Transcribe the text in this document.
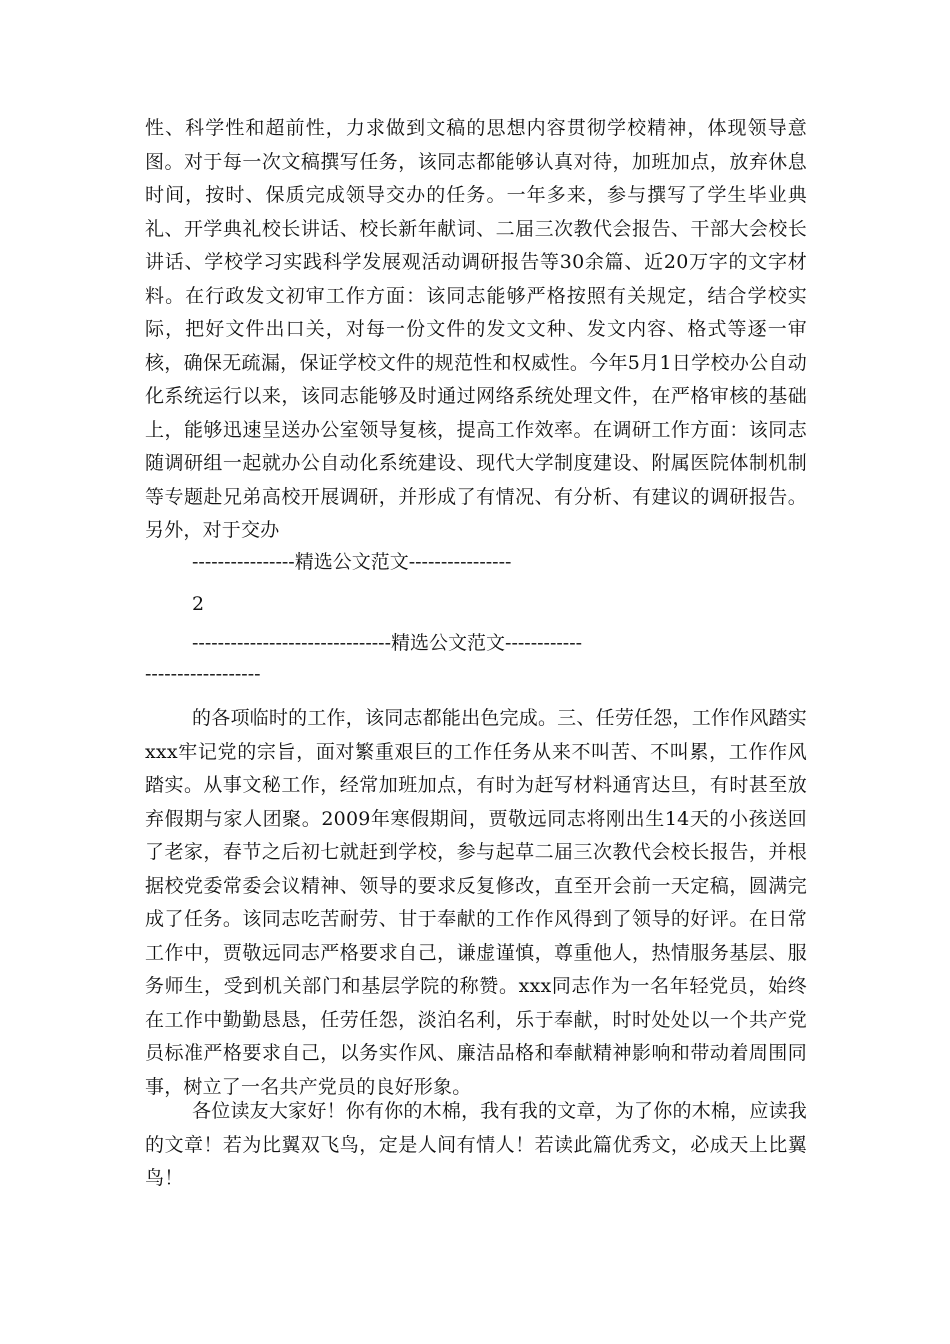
性、科学性和超前性，力求做到文稿的思想内容贯彻学校精神，体现领导意图。对于每一次文稿撰写任务，该同志都能够认真对待，加班加点，放弃休息时间，按时、保质完成领导交办的任务。一年多来，参与撰写了学生毕业典礼、开学典礼校长讲话、校长新年献词、二届三次教代会报告、干部大会校长讲话、学校学习实践科学发展观活动调研报告等30余篇、近20万字的文字材料。在行政发文初审工作方面：该同志能够严格按照有关规定，结合学校实际，把好文件出口关，对每一份文件的发文文种、发文内容、格式等逐一审核，确保无疏漏，保证学校文件的规范性和权威性。今年5月1日学校办公自动化系统运行以来，该同志能够及时通过网络系统处理文件，在严格审核的基础上，能够迅速呈送办公室领导复核，提高工作效率。在调研工作方面：该同志随调研组一起就办公自动化系统建设、现代大学制度建设、附属医院体制机制等专题赴兄弟高校开展调研，并形成了有情况、有分析、有建议的调研报告。另外，对于交办
----------------精选公文范文----------------
2
-------------------------------精选公文范文------------------------------
的各项临时的工作，该同志都能出色完成。三、任劳任怨，工作作风踏实xxx牢记党的宗旨，面对繁重艰巨的工作任务从来不叫苦、不叫累，工作作风踏实。从事文秘工作，经常加班加点，有时为赶写材料通宵达旦，有时甚至放弃假期与家人团聚。2009年寒假期间，贾敬远同志将刚出生14天的小孩送回了老家，春节之后初七就赶到学校，参与起草二届三次教代会校长报告，并根据校党委常委会议精神、领导的要求反复修改，直至开会前一天定稿，圆满完成了任务。该同志吃苦耐劳、甘于奉献的工作作风得到了领导的好评。在日常工作中，贾敬远同志严格要求自己，谦虚谨慎，尊重他人，热情服务基层、服务师生，受到机关部门和基层学院的称赞。xxx同志作为一名年轻党员，始终在工作中勤勤恳恳，任劳任怨，淡泊名利，乐于奉献，时时处处以一个共产党员标准严格要求自己，以务实作风、廉洁品格和奉献精神影响和带动着周围同事，树立了一名共产党员的良好形象。
各位读友大家好！你有你的木棉，我有我的文章，为了你的木棉，应读我的文章！若为比翼双飞鸟，定是人间有情人！若读此篇优秀文，必成天上比翼鸟！
